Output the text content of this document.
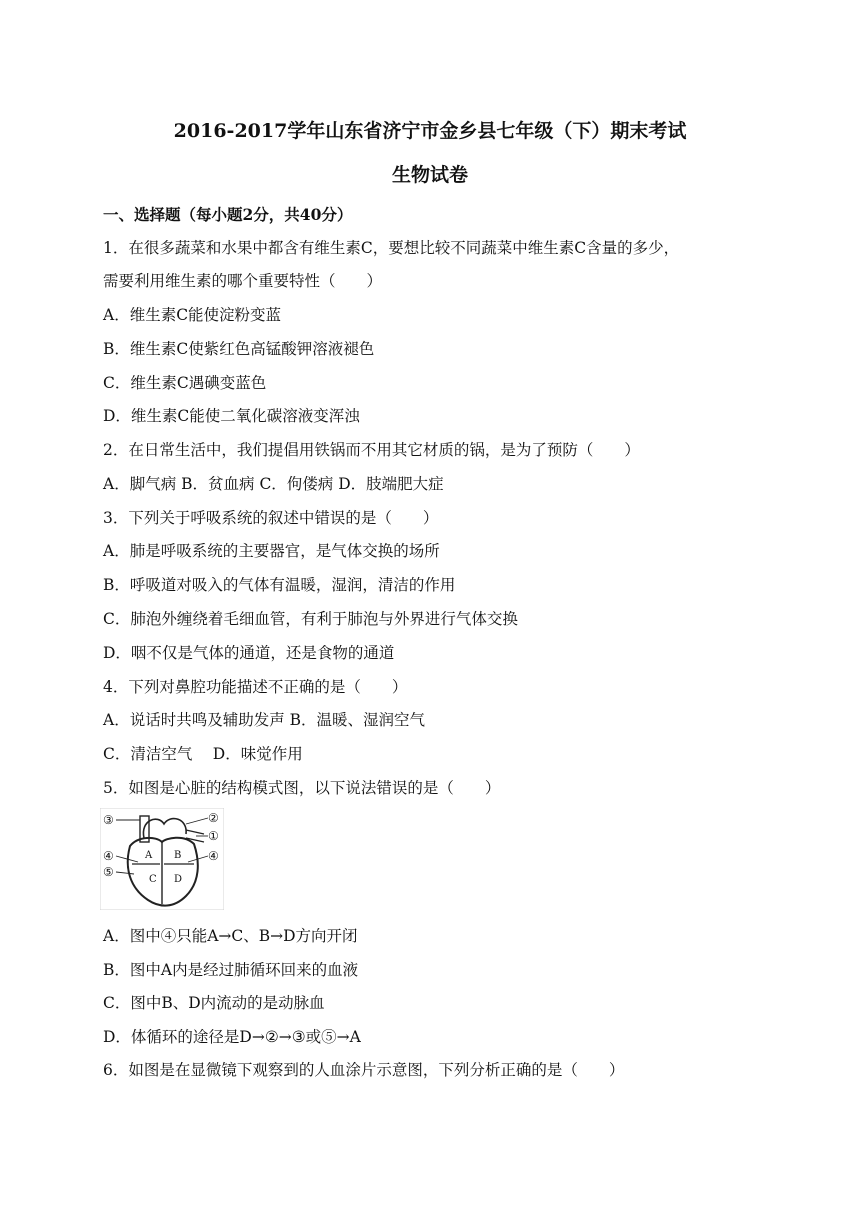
2016-2017学年山东省济宁市金乡县七年级（下）期末考试
生物试卷
一、选择题（每小题2分，共40分）
1．在很多蔬菜和水果中都含有维生素C，要想比较不同蔬菜中维生素C含量的多少，
需要利用维生素的哪个重要特性（　　）
A．维生素C能使淀粉变蓝
B．维生素C使紫红色高锰酸钾溶液褪色
C．维生素C遇碘变蓝色
D．维生素C能使二氧化碳溶液变浑浊
2．在日常生活中，我们提倡用铁锅而不用其它材质的锅，是为了预防（　　）
A．脚气病 B．贫血病 C．佝偻病 D．肢端肥大症
3．下列关于呼吸系统的叙述中错误的是（　　）
A．肺是呼吸系统的主要器官，是气体交换的场所
B．呼吸道对吸入的气体有温暖，湿润，清洁的作用
C．肺泡外缠绕着毛细血管，有利于肺泡与外界进行气体交换
D．咽不仅是气体的通道，还是食物的通道
4．下列对鼻腔功能描述不正确的是（　　）
A．说话时共鸣及辅助发声 B．温暖、湿润空气
C．清洁空气　 D．味觉作用
5．如图是心脏的结构模式图，以下说法错误的是（　　）
③	②
①
④	④
⑤
A B
C D
A．图中④只能A→C、B→D方向开闭
B．图中A内是经过肺循环回来的血液
C．图中B、D内流动的是动脉血
D．体循环的途径是D→②→③或⑤→A
6．如图是在显微镜下观察到的人血涂片示意图，下列分析正确的是（　　）
